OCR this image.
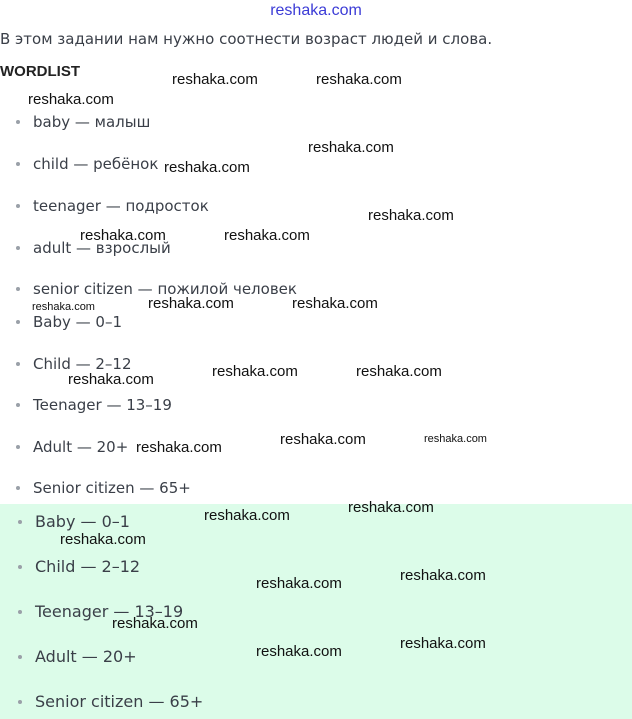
reshaka.com
В этом задании нам нужно соотнести возраст людей и слова.
WORDLIST
baby — малыш
child — ребёнок
teenager — подросток
adult — взрослый
senior citizen — пожилой человек
Baby — 0–1
Child — 2–12
Teenager — 13–19
Adult — 20+
Senior citizen — 65+
Baby — 0–1
Child — 2–12
Teenager — 13–19
Adult — 20+
Senior citizen — 65+
reshaka.com	reshaka.com
reshaka.com
reshaka.com
reshaka.com
reshaka.com
reshaka.com	reshaka.com
reshaka.com	reshaka.com	reshaka.com
reshaka.com	reshaka.com
reshaka.com
reshaka.com	reshaka.com
reshaka.com
reshaka.com
reshaka.com
reshaka.com
reshaka.com
reshaka.com
reshaka.com
reshaka.com
reshaka.com
